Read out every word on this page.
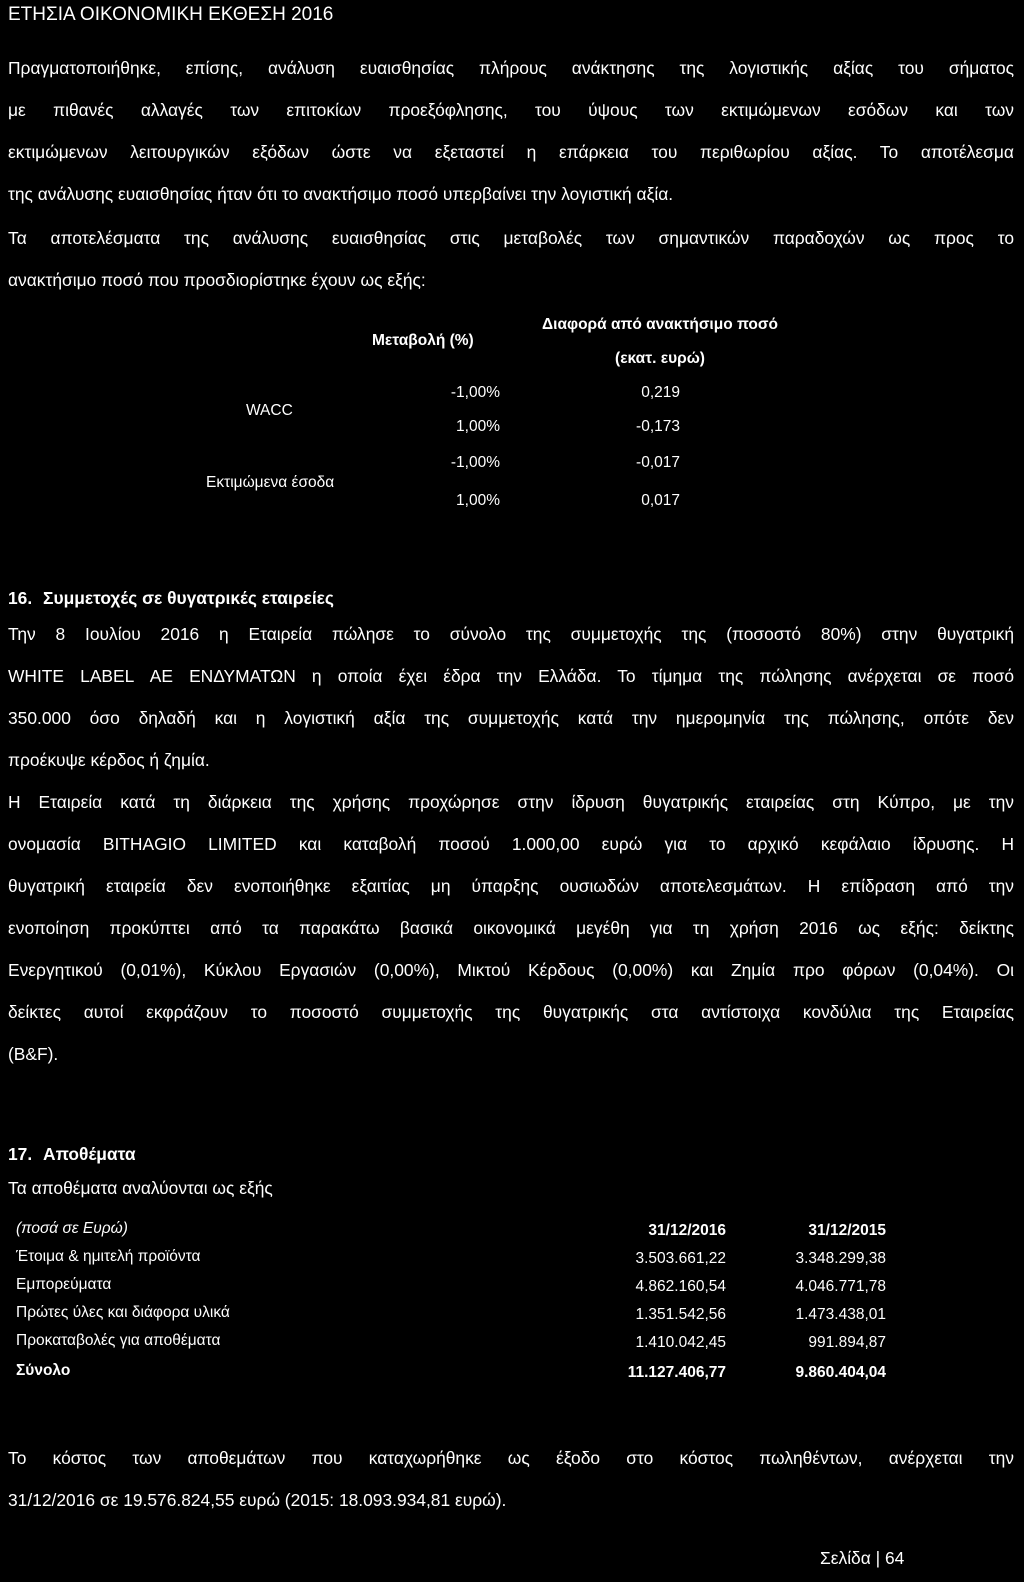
ΕΤΗΣΙΑ ΟΙΚΟΝΟΜΙΚΗ ΕΚΘΕΣΗ 2016
Πραγματοποιήθηκε, επίσης, ανάλυση ευαισθησίας πλήρους ανάκτησης της λογιστικής αξίας του σήματος
με πιθανές αλλαγές των επιτοκίων προεξόφλησης, του ύψους των εκτιμώμενων εσόδων και των
εκτιμώμενων λειτουργικών εξόδων ώστε να εξεταστεί η επάρκεια του περιθωρίου αξίας. Το αποτέλεσμα
της ανάλυσης ευαισθησίας ήταν ότι το ανακτήσιμο ποσό υπερβαίνει την λογιστική αξία.
Τα αποτελέσματα της ανάλυσης ευαισθησίας στις μεταβολές των σημαντικών παραδοχών ως προς το
ανακτήσιμο ποσό που προσδιορίστηκε έχουν ως εξής:
Μεταβολή (%)
Διαφορά από ανακτήσιμο ποσό
(εκατ. ευρώ)
WACC
-1,00%	0,219
1,00%	-0,173
Εκτιμώμενα έσοδα
-1,00%	-0,017
1,00%	0,017
16. Συμμετοχές σε θυγατρικές εταιρείες
Την 8 Ιουλίου 2016 η Εταιρεία πώλησε το σύνολο της συμμετοχής της (ποσοστό 80%) στην θυγατρική
WHITE LABEL ΑΕ ΕΝΔΥΜΑΤΩΝ η οποία έχει έδρα την Ελλάδα. Το τίμημα της πώλησης ανέρχεται σε ποσό
350.000 όσο δηλαδή και η λογιστική αξία της συμμετοχής κατά την ημερομηνία της πώλησης, οπότε δεν
προέκυψε κέρδος ή ζημία.
Η Εταιρεία κατά τη διάρκεια της χρήσης προχώρησε στην ίδρυση θυγατρικής εταιρείας στη Κύπρο, με την
ονομασία BITHAGIO LIMITED και καταβολή ποσού 1.000,00 ευρώ για το αρχικό κεφάλαιο ίδρυσης. Η
θυγατρική εταιρεία δεν ενοποιήθηκε εξαιτίας μη ύπαρξης ουσιωδών αποτελεσμάτων. Η επίδραση από την
ενοποίηση προκύπτει από τα παρακάτω βασικά οικονομικά μεγέθη για τη χρήση 2016 ως εξής: δείκτης
Ενεργητικού (0,01%), Κύκλου Εργασιών (0,00%), Μικτού Κέρδους (0,00%) και Ζημία προ φόρων (0,04%). Οι
δείκτες αυτοί εκφράζουν το ποσοστό συμμετοχής της θυγατρικής στα αντίστοιχα κονδύλια της Εταιρείας
(B&F).
17. Αποθέματα
Τα αποθέματα αναλύονται ως εξής
(ποσά σε Ευρώ)	31/12/2016	31/12/2015
Έτοιμα & ημιτελή προϊόντα	3.503.661,22	3.348.299,38
Εμπορεύματα	4.862.160,54	4.046.771,78
Πρώτες ύλες και διάφορα υλικά	1.351.542,56	1.473.438,01
Προκαταβολές για αποθέματα	1.410.042,45	991.894,87
Σύνολο	11.127.406,77	9.860.404,04
Το κόστος των αποθεμάτων που καταχωρήθηκε ως έξοδο στο κόστος πωληθέντων, ανέρχεται την
31/12/2016 σε 19.576.824,55 ευρώ (2015: 18.093.934,81 ευρώ).
Σελίδα | 64
